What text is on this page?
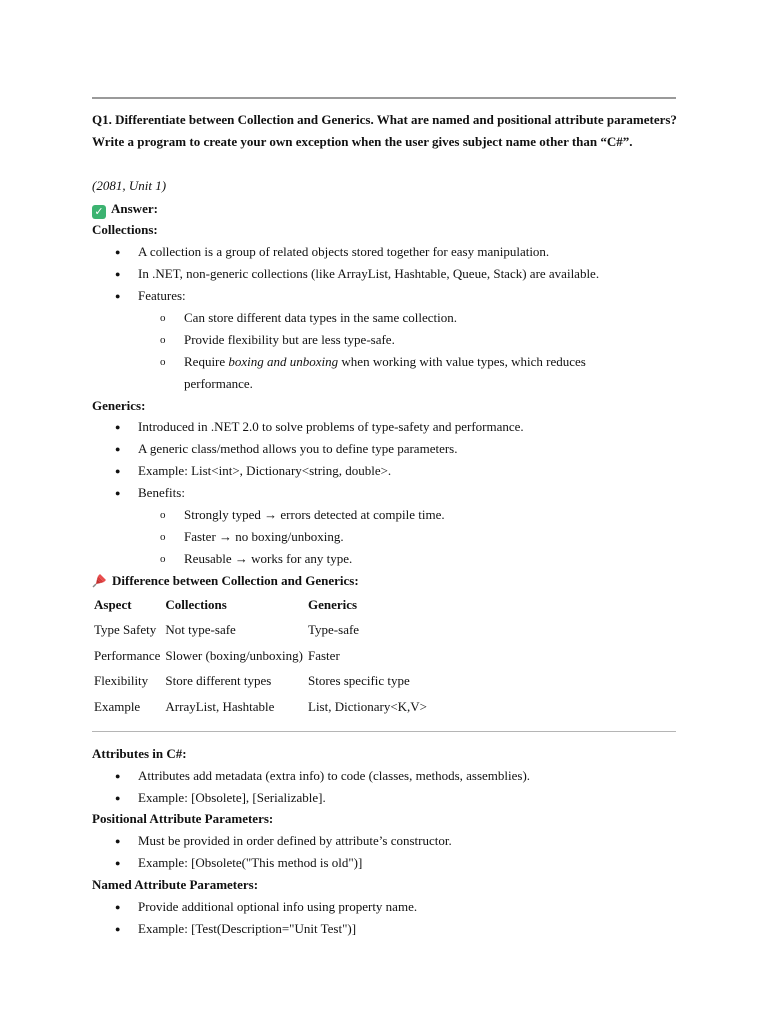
Q1. Differentiate between Collection and Generics. What are named and positional attribute parameters? Write a program to create your own exception when the user gives subject name other than “C#”.
(2081, Unit 1)
✓ Answer:
Collections:
● A collection is a group of related objects stored together for easy manipulation.
● In .NET, non-generic collections (like ArrayList, Hashtable, Queue, Stack) are available.
● Features:
o Can store different data types in the same collection.
o Provide flexibility but are less type-safe.
o Require boxing and unboxing when working with value types, which reduces
performance.
Generics:
● Introduced in .NET 2.0 to solve problems of type-safety and performance.
● A generic class/method allows you to define type parameters.
● Example: List<int>, Dictionary<string, double>.
● Benefits:
o Strongly typed → errors detected at compile time.
o Faster → no boxing/unboxing.
o Reusable → works for any type.
Difference between Collection and Generics:
Aspect	Collections	Generics
Type Safety	Not type-safe	Type-safe
Performance	Slower (boxing/unboxing)	Faster
Flexibility	Store different types	Stores specific type
Example	ArrayList, Hashtable	List, Dictionary<K,V>
Attributes in C#:
● Attributes add metadata (extra info) to code (classes, methods, assemblies).
● Example: [Obsolete], [Serializable].
Positional Attribute Parameters:
● Must be provided in order defined by attribute’s constructor.
● Example: [Obsolete("This method is old")]
Named Attribute Parameters:
● Provide additional optional info using property name.
● Example: [Test(Description="Unit Test")]
